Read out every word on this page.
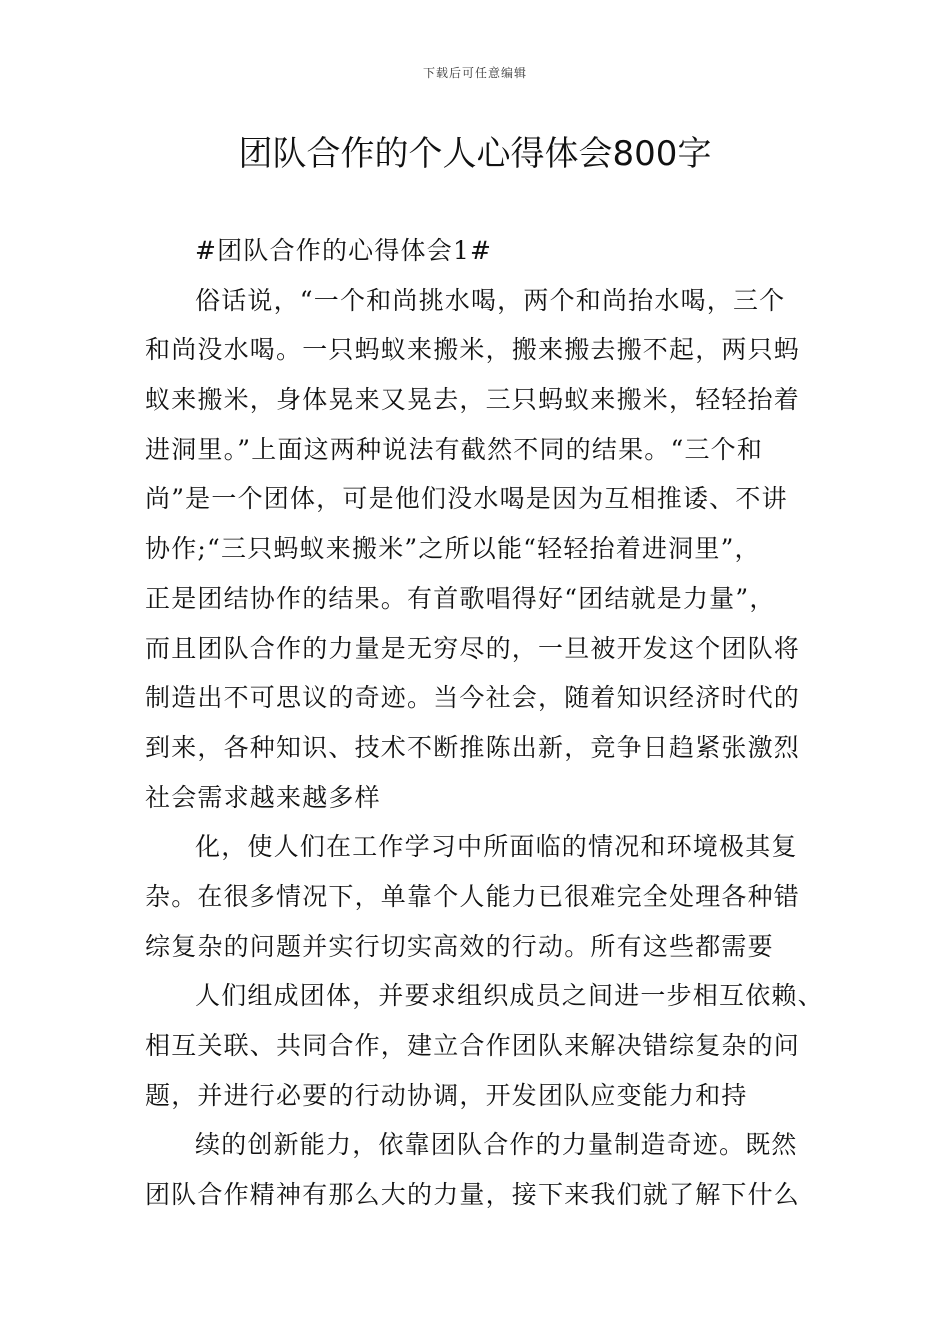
下载后可任意编辑
团队合作的个人心得体会800字
#团队合作的心得体会1#
俗话说，“一个和尚挑水喝，两个和尚抬水喝，三个
和尚没水喝。一只蚂蚁来搬米，搬来搬去搬不起，两只蚂
蚁来搬米，身体晃来又晃去，三只蚂蚁来搬米，轻轻抬着
进洞里。”上面这两种说法有截然不同的结果。“三个和
尚”是一个团体，可是他们没水喝是因为互相推诿、不讲
协作;“三只蚂蚁来搬米”之所以能“轻轻抬着进洞里”，
正是团结协作的结果。有首歌唱得好“团结就是力量”，
而且团队合作的力量是无穷尽的，一旦被开发这个团队将
制造出不可思议的奇迹。当今社会，随着知识经济时代的
到来，各种知识、技术不断推陈出新，竞争日趋紧张激烈
社会需求越来越多样
化，使人们在工作学习中所面临的情况和环境极其复
杂。在很多情况下，单靠个人能力已很难完全处理各种错
综复杂的问题并实行切实高效的行动。所有这些都需要
人们组成团体，并要求组织成员之间进一步相互依赖、
相互关联、共同合作，建立合作团队来解决错综复杂的问
题，并进行必要的行动协调，开发团队应变能力和持
续的创新能力，依靠团队合作的力量制造奇迹。既然
团队合作精神有那么大的力量，接下来我们就了解下什么
